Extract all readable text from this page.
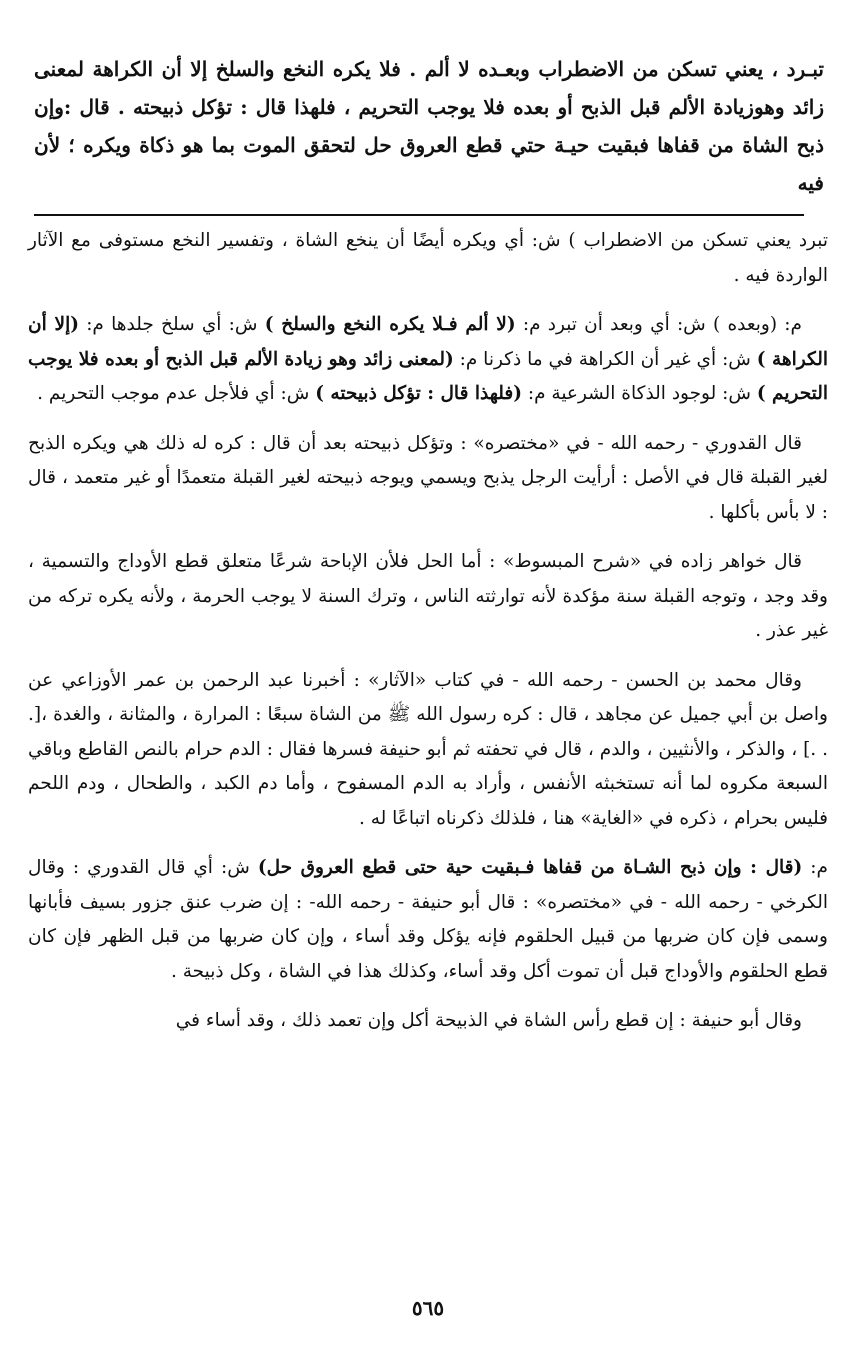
تبـرد ، يعني تسكن من الاضطراب وبعـده لا ألم . فلا يكره النخع والسلخ إلا أن الكراهة لمعنى زائد وهوزيادة الألم قبل الذبح أو بعده فلا يوجب التحريم ، فلهذا قال : تؤكل ذبيحته . قال :وإن ذبح الشاة من قفاها فبقيت حيـة حتي قطع العروق حل لتحقق الموت بما هو ذكاة ويكره ؛ لأن فيه

تبرد يعني تسكن من الاضطراب ) ش: أي ويكره أيضًا أن ينخع الشاة ، وتفسير النخع مستوفى مع الآثار الواردة فيه .

م: (وبعده ) ش: أي وبعد أن تبرد م: (لا ألم فـلا يكره النخع والسلخ ) ش: أي سلخ جلدها م: (إلا أن الكراهة ) ش: أي غير أن الكراهة في ما ذكرنا م: (لمعنى زائد وهو زيادة الألم قبل الذبح أو بعده فلا يوجب التحريم ) ش: لوجود الذكاة الشرعية م: (فلهذا قال : تؤكل ذبيحته ) ش: أي فلأجل عدم موجب التحريم .

قال القدوري - رحمه الله - في «مختصره» : وتؤكل ذبيحته بعد أن قال : كره له ذلك هي ويكره الذبح لغير القبلة قال في الأصل : أرأيت الرجل يذبح ويسمي ويوجه ذبيحته لغير القبلة متعمدًا أو غير متعمد ، قال : لا بأس بأكلها .

قال خواهر زاده في «شرح المبسوط» : أما الحل فلأن الإباحة شرعًا متعلق قطع الأوداج والتسمية ، وقد وجد ، وتوجه القبلة سنة مؤكدة لأنه توارثته الناس ، وترك السنة لا يوجب الحرمة ، ولأنه يكره تركه من غير عذر .

وقال محمد بن الحسن - رحمه الله - في كتاب «الآثار» : أخبرنا عبد الرحمن بن عمر الأوزاعي عن واصل بن أبي جميل عن مجاهد ، قال : كره رسول الله ﷺ من الشاة سبعًا : المرارة ، والمثانة ، والغدة ،[. . .] ، والذكر ، والأنثيين ، والدم ، قال في تحفته ثم أبو حنيفة فسرها فقال : الدم حرام بالنص القاطع وباقي السبعة مكروه لما أنه تستخبثه الأنفس ، وأراد به الدم المسفوح ، وأما دم الكبد ، والطحال ، ودم اللحم فليس بحرام ، ذكره في «الغاية» هنا ، فلذلك ذكرناه اتباعًا له .

م: (قال : وإن ذبح الشـاة من قفاها فـبقيت حية حتى قطع العروق حل) ش: أي قال القدوري : وقال الكرخي - رحمه الله - في «مختصره» : قال أبو حنيفة - رحمه الله- : إن ضرب عنق جزور بسيف فأبانها وسمى فإن كان ضربها من قبيل الحلقوم فإنه يؤكل وقد أساء ، وإن كان ضربها من قبل الظهر فإن كان قطع الحلقوم والأوداج قبل أن تموت أكل وقد أساء، وكذلك هذا في الشاة ، وكل ذبيحة .

وقال أبو حنيفة : إن قطع رأس الشاة في الذبيحة أكل وإن تعمد ذلك ، وقد أساء في

٥٦٥
